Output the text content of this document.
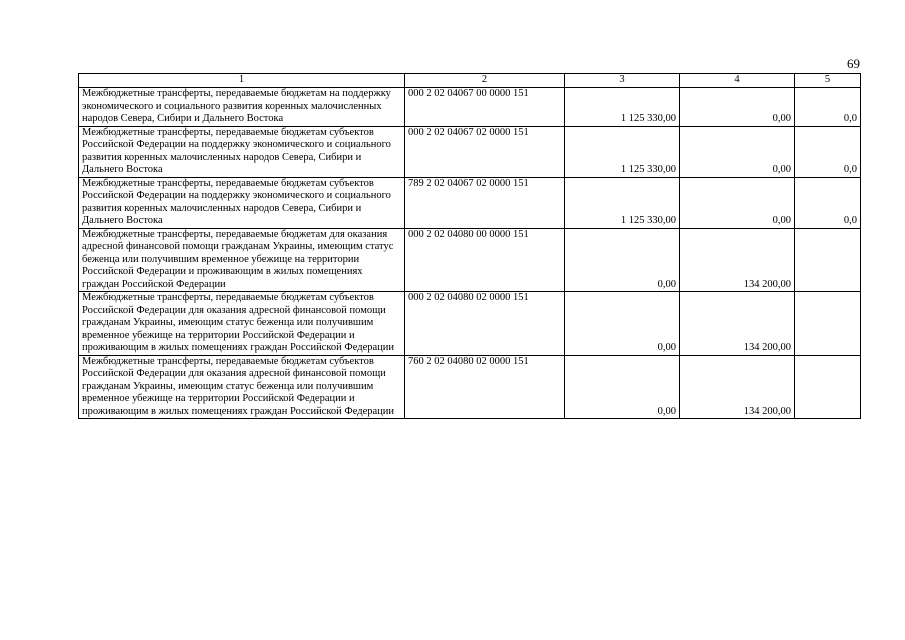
69
1	2	3	4	5
Межбюджетные трансферты, передаваемые бюджетам на поддержку экономического и социального развития коренных малочисленных народов Севера, Сибири и Дальнего Востока	000 2 02 04067 00 0000 151	1 125 330,00	0,00	0,0
Межбюджетные трансферты, передаваемые бюджетам субъектов Российской Федерации на поддержку экономического и социального развития коренных малочисленных народов Севера, Сибири и Дальнего Востока	000 2 02 04067 02 0000 151	1 125 330,00	0,00	0,0
Межбюджетные трансферты, передаваемые бюджетам субъектов Российской Федерации на поддержку экономического и социального развития коренных малочисленных народов Севера, Сибири и Дальнего Востока	789 2 02 04067 02 0000 151	1 125 330,00	0,00	0,0
Межбюджетные трансферты, передаваемые бюджетам для оказания адресной финансовой помощи гражданам Украины, имеющим статус беженца или получившим временное убежище на территории Российской Федерации и проживающим в жилых помещениях граждан Российской Федерации	000 2 02 04080 00 0000 151	0,00	134 200,00	
Межбюджетные трансферты, передаваемые бюджетам субъектов Российской Федерации для оказания адресной финансовой помощи гражданам Украины, имеющим статус беженца или получившим временное убежище на территории Российской Федерации и проживающим в жилых помещениях граждан Российской Федерации	000 2 02 04080 02 0000 151	0,00	134 200,00	
Межбюджетные трансферты, передаваемые бюджетам субъектов Российской Федерации для оказания адресной финансовой помощи гражданам Украины, имеющим статус беженца или получившим временное убежище на территории Российской Федерации и проживающим в жилых помещениях граждан Российской Федерации	760 2 02 04080 02 0000 151	0,00	134 200,00	
